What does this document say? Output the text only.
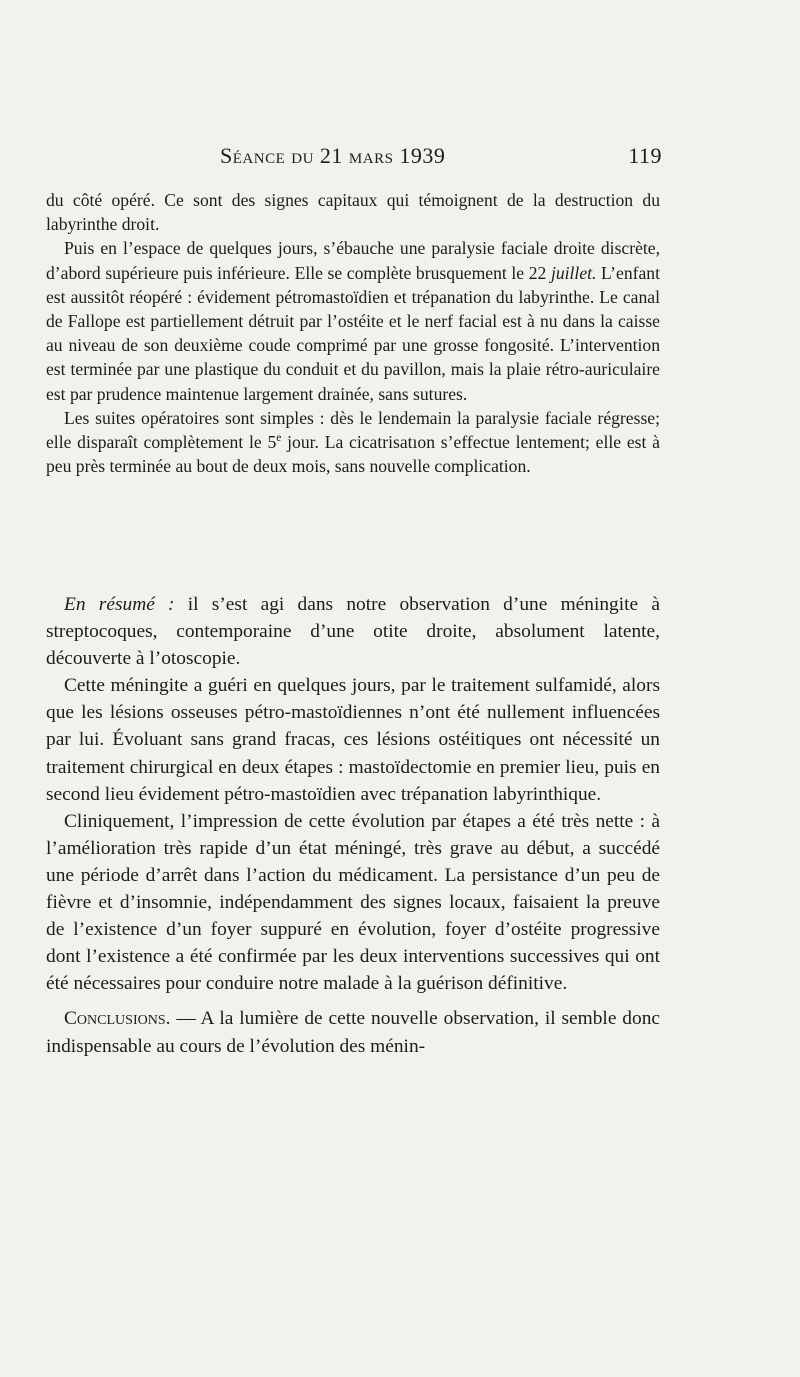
Séance du 21 mars 1939	119

du côté opéré. Ce sont des signes capitaux qui témoignent de la destruction du labyrinthe droit.

Puis en l’espace de quelques jours, s’ébauche une paralysie faciale droite discrète, d’abord supérieure puis inférieure. Elle se complète brusquement le 22 juillet. L’enfant est aussitôt réopéré : évidement pétromastoïdien et trépanation du labyrinthe. Le canal de Fallope est partiellement détruit par l’ostéite et le nerf facial est à nu dans la caisse au niveau de son deuxième coude comprimé par une grosse fongosité. L’intervention est terminée par une plastique du conduit et du pavillon, mais la plaie rétro-auriculaire est par prudence maintenue largement drainée, sans sutures.

Les suites opératoires sont simples : dès le lendemain la paralysie faciale régresse; elle disparaît complètement le 5e jour. La cicatrisatıon s’effectue lentement; elle est à peu près terminée au bout de deux mois, sans nouvelle complication.

En résumé : il s’est agi dans notre observation d’une méningite à streptocoques, contemporaine d’une otite droite, absolument latente, découverte à l’otoscopie.

Cette méningite a guéri en quelques jours, par le traitement sulfamidé, alors que les lésions osseuses pétro-mastoïdiennes n’ont été nullement influencées par lui. Évoluant sans grand fracas, ces lésions ostéitiques ont nécessité un traitement chirurgical en deux étapes : mastoïdectomie en premier lieu, puis en second lieu évidement pétro-mastoïdien avec trépanation labyrinthique.

Cliniquement, l’impression de cette évolution par étapes a été très nette : à l’amélioration très rapide d’un état méningé, très grave au début, a succédé une période d’arrêt dans l’action du médicament. La persistance d’un peu de fièvre et d’insomnie, indépendamment des signes locaux, faisaient la preuve de l’existence d’un foyer suppuré en évolution, foyer d’ostéite progressive dont l’existence a été confirmée par les deux interventions successives qui ont été nécessaires pour conduire notre malade à la guérison définitive.

Conclusions. — A la lumière de cette nouvelle observation, il semble donc indispensable au cours de l’évolution des ménin-
